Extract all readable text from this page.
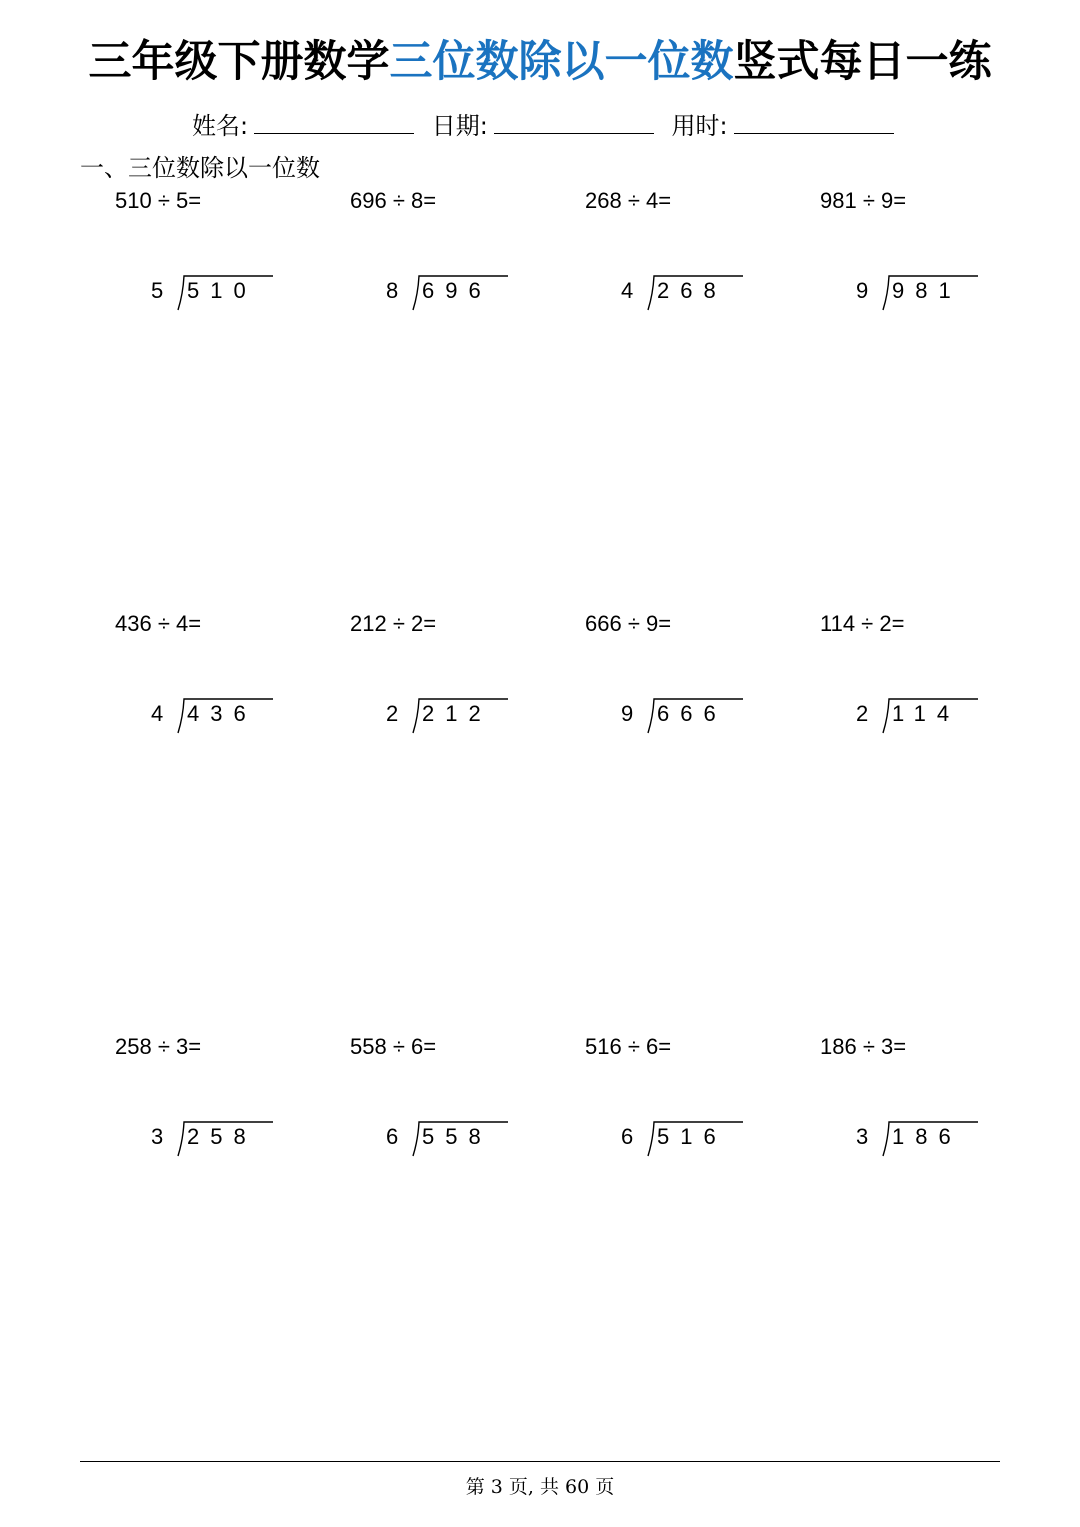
三年级下册数学三位数除以一位数竖式每日一练
姓名:	日期:	用时:
一、三位数除以一位数
510 ÷ 5=
5 510
696 ÷ 8=
8 696
268 ÷ 4=
4 268
981 ÷ 9=
9 981
436 ÷ 4=
4 436
212 ÷ 2=
2 212
666 ÷ 9=
9 666
114 ÷ 2=
2 114
258 ÷ 3=
3 258
558 ÷ 6=
6 558
516 ÷ 6=
6 516
186 ÷ 3=
3 186
第 3 页, 共 60 页
